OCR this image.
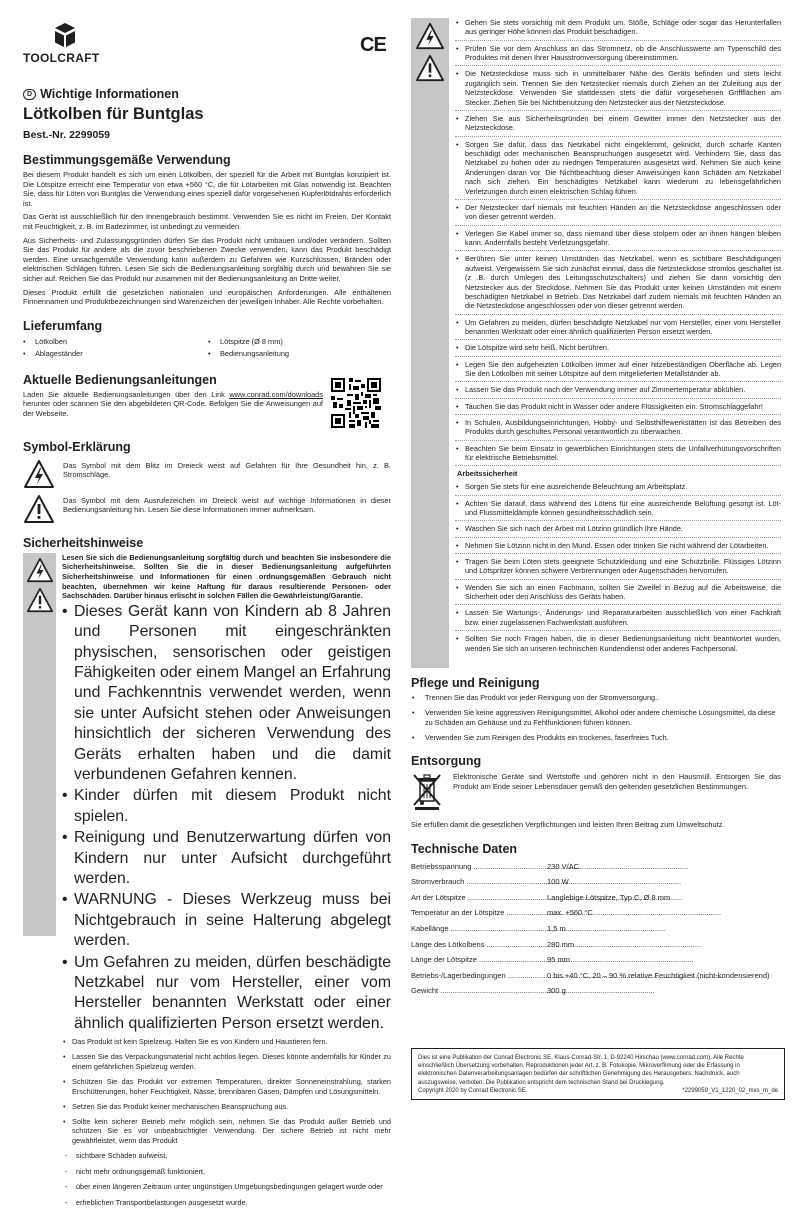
TOOLCRAFT
D Wichtige Informationen
Lötkolben für Buntglas
Best.-Nr. 2299059
Bestimmungsgemäße Verwendung

Bei diesem Produkt handelt es sich um einen Lötkolben, der speziell für die Arbeit mit Buntglas konzipiert ist. Die Lötspitze erreicht eine Temperatur von etwa +560 °C, die für Lötarbeiten mit Glas notwendig ist. Beachten Sie, dass für Löten von Buntglas die Verwendung eines speziell dafür vorgesehenen Kupferlötdrahts erforderlich ist.

Das Gerät ist ausschließlich für den Innengebrauch bestimmt. Verwenden Sie es nicht im Freien. Der Kontakt mit Feuchtigkeit, z. B. im Badezimmer, ist unbedingt zu vermeiden.

Aus Sicherheits- und Zulassungsgründen dürfen Sie das Produkt nicht umbauen und/oder verändern. Sollten Sie das Produkt für andere als die zuvor beschriebenen Zwecke verwenden, kann das Produkt beschädigt werden. Eine unsachgemäße Verwendung kann außerdem zu Gefahren wie Kurzschlüssen, Bränden oder elektrischen Schlägen führen. Lesen Sie sich die Bedienungsanleitung sorgfältig durch und bewahren Sie sie sicher auf. Reichen Sie das Produkt nur zusammen mit der Bedienungsanleitung an Dritte weiter.

Dieses Produkt erfüllt die gesetzlichen nationalen und europäischen Anforderungen. Alle enthaltenen Firmennamen und Produktbezeichnungen sind Warenzeichen der jeweiligen Inhaber. Alle Rechte vorbehalten.

Lieferumfang
•	Lötkolben	•	Lötspitze (Ø 8 mm)
•	Ablageständer	•	Bedienungsanleitung
Aktuelle Bedienungsanleitungen

Laden Sie aktuelle Bedienungsanleitungen über den Link www.conrad.com/downloads herunter oder scannen Sie den abgebildeten QR-Code. Befolgen Sie die Anweisungen auf der Webseite.

Symbol-Erklärung

Das Symbol mit dem Blitz im Dreieck weist auf Gefahren für Ihre Gesundheit hin, z. B. Stromschläge.

Das Symbol mit dem Ausrufezeichen im Dreieck weist auf wichtige Informationen in dieser Bedienungsanleitung hin. Lesen Sie diese Informationen immer aufmerksam.

Sicherheitshinweise

Lesen Sie sich die Bedienungsanleitung sorgfältig durch und beachten Sie insbesondere die Sicherheitshinweise. Sollten Sie die in dieser Bedienungsanleitung aufgeführten Sicherheitshinweise und Informationen für einen ordnungsgemäßen Gebrauch nicht beachten, übernehmen wir keine Haftung für daraus resultierende Personen- oder Sachschäden. Darüber hinaus erlischt in solchen Fällen die Gewährleistung/Garantie.

• Dieses Gerät kann von Kindern ab 8 Jahren und Personen mit eingeschränkten physischen, sensorischen oder geistigen Fähigkeiten oder einem Mangel an Erfahrung und Fachkenntnis verwendet werden, wenn sie unter Aufsicht stehen oder Anweisungen hinsichtlich der sicheren Verwendung des Geräts erhalten haben und die damit verbundenen Gefahren kennen.
• Kinder dürfen mit diesem Produkt nicht spielen.
• Reinigung und Benutzerwartung dürfen von Kindern nur unter Aufsicht durchgeführt werden.
• WARNUNG - Dieses Werkzeug muss bei Nichtgebrauch in seine Halterung abgelegt werden.
• Um Gefahren zu meiden, dürfen beschädigte Netzkabel nur vom Hersteller, einer vom Hersteller benannten Werkstatt oder einer ähnlich qualifizierten Person ersetzt werden.
• Das Produkt ist kein Spielzeug. Halten Sie es von Kindern und Haustieren fern.
• Lassen Sie das Verpackungsmaterial nicht achtlos liegen. Dieses könnte andernfalls für Kinder zu einem gefährlichen Spielzeug werden.
• Schützen Sie das Produkt vor extremen Temperaturen, direkter Sonneneinstrahlung, starken Erschütterungen, hoher Feuchtigkeit, Nässe, brennbaren Gasen, Dämpfen und Lösungsmitteln.
• Setzen Sie das Produkt keiner mechanischen Beanspruchung aus.
• Sollte kein sicherer Betrieb mehr möglich sein, nehmen Sie das Produkt außer Betrieb und schützen Sie es vor unbeabsichtigter Verwendung. Der sichere Betrieb ist nicht mehr gewährleistet, wenn das Produkt
- sichtbare Schäden aufweist,
- nicht mehr ordnungsgemäß funktioniert,
- über einen längeren Zeitraum unter ungünstigen Umgebungsbedingungen gelagert wurde oder
- erheblichen Transportbelastungen ausgesetzt wurde.
CE
• Gehen Sie stets vorsichtig mit dem Produkt um. Stöße, Schläge oder sogar das Herunterfallen aus geringer Höhe können das Produkt beschädigen.
• Prüfen Sie vor dem Anschluss an das Stromnetz, ob die Anschlusswerte am Typenschild des Produktes mit denen Ihrer Hausstromversorgung übereinstimmen.
• Die Netzsteckdose muss sich in unmittelbarer Nähe des Geräts befinden und stets leicht zugänglich sein. Trennen Sie den Netzstecker niemals durch Ziehen an der Zuleitung aus der Netzsteckdose. Verwenden Sie stattdessen stets die dafür vorgesehenen Griffflächen am Stecker. Ziehen Sie bei Nichtbenutzung den Netzstecker aus der Netzsteckdose.
• Ziehen Sie aus Sicherheitsgründen bei einem Gewitter immer den Netzstecker aus der Netzsteckdose.
• Sorgen Sie dafür, dass das Netzkabel nicht eingeklemmt, geknickt, durch scharfe Kanten beschädigt oder mechanischen Beanspruchungen ausgesetzt wird. Verhindern Sie, dass das Netzkabel zu hohen oder zu niedrigen Temperaturen ausgesetzt wird. Nehmen Sie auch keine Änderungen daran vor. Die Nichtbeachtung dieser Anweisungen kann Schäden am Netzkabel nach sich ziehen. Ein beschädigtes Netzkabel kann wiederum zu lebensgefährlichen Verletzungen durch einen elektrischen Schlag führen.
• Der Netzstecker darf niemals mit feuchten Händen an die Netzsteckdose angeschlossen oder von dieser getrennt werden.
• Verlegen Sie Kabel immer so, dass niemand über diese stolpern oder an ihnen hängen bleiben kann. Andernfalls besteht Verletzungsgefahr.
• Berühren Sie unter keinen Umständen das Netzkabel, wenn es sichtbare Beschädigungen aufweist. Vergewissern Sie sich zunächst einmal, dass die Netzsteckdose stromlos geschaltet ist (z .B. durch Umlegen des Leitungsschutzschalters) und ziehen Sie dann vorsichtig den Netzstecker aus der Steckdose. Nehmen Sie das Produkt unter keinen Umständen mit einem beschädigten Netzkabel in Betrieb. Das Netzkabel darf zudem niemals mit feuchten Händen an die Netzsteckdose angeschlossen oder von dieser getrennt werden.
• Um Gefahren zu meiden, dürfen beschädigte Netzkabel nur vom Hersteller, einer vom Hersteller benannten Werkstatt oder einer ähnlich qualifizierten Person ersetzt werden.
• Die Lötspitze wird sehr heiß. Nicht berühren.
• Legen Sie den aufgeheizten Lötkolben immer auf einer hitzebeständigen Oberfläche ab. Legen Sie den Lötkolben mit seiner Lötspitze auf dem mitgelieferten Metallständer ab.
• Lassen Sie das Produkt nach der Verwendung immer auf Zimmertemperatur abkühlen.
• Tauchen Sie das Produkt nicht in Wasser oder andere Flüssigkeiten ein. Stromschlaggefahr!
• In Schulen, Ausbildungseinrichtungen, Hobby- und Selbsthilfewerkstätten ist das Betreiben des Produkts durch geschultes Personal verantwortlich zu überwachen.
• Beachten Sie beim Einsatz in gewerblichen Einrichtungen stets die Unfallverhütungsvorschriften für elektrische Betriebsmittel.
Arbeitssicherheit
• Sorgen Sie stets für eine ausreichende Beleuchtung am Arbeitsplatz.
• Achten Sie darauf, dass während des Lötens für eine ausreichende Belüftung gesorgt ist. Löt- und Flussmitteldämpfe können gesundheitsschädlich sein.
• Waschen Sie sich nach der Arbeit mit Lötzinn gründlich Ihre Hände.
• Nehmen Sie Lötzinn nicht in den Mund. Essen oder trinken Sie nicht während der Lötarbeiten.
• Tragen Sie beim Löten stets geeignete Schutzkleidung und eine Schutzbrille. Flüssiges Lötzinn und Lötspritzer können schwere Verbrennungen oder Augenschäden hervorrufen.
• Wenden Sie sich an einen Fachmann, sollten Sie Zweifel in Bezug auf die Arbeitsweise, die Sicherheit oder den Anschluss des Geräts haben.
• Lassen Sie Wartungs-, Änderungs- und Reparaturarbeiten ausschließlich von einer Fachkraft bzw. einer zugelassenen Fachwerkstatt ausführen.
• Sollten Sie noch Fragen haben, die in dieser Bedienungsanleitung nicht beantwortet wurden, wenden Sie sich an unseren technischen Kundendienst oder anderes Fachpersonal.
Pflege und Reinigung
• Trennen Sie das Produkt vor jeder Reinigung von der Stromversorgung..
• Verwenden Sie keine aggressiven Reinigungsmittel, Alkohol oder andere chemische Lösungsmittel, da diese zu Schäden am Gehäuse und zu Fehlfunktionen führen können.
• Verwenden Sie zum Reinigen des Produkts ein trockenes, faserfreies Tuch.
Entsorgung

Elektronische Geräte sind Wertstoffe und gehören nicht in den Hausmüll. Entsorgen Sie das Produkt am Ende seiner Lebensdauer gemäß den geltenden gesetzlichen Bestimmungen.

Sie erfüllen damit die gesetzlichen Verpflichtungen und leisten Ihren Beitrag zum Umweltschutz.

Technische Daten
Betriebsspannung .....	230 V/AC
Stromverbrauch .....	100 W
Art der Lötspitze .....	Langlebige Lötspitze, Typ C, Ø 8 mm
Temperatur an der Lötspitze .....	max. +560 °C
Kabellänge .....	1,5 m
Länge des Lötkolbens .....	280 mm
Länge der Lötspitze .....	95 mm
Betriebs-/Lagerbedingungen .....	0 bis +40 °C, 20 – 90 % relative Feuchtigkeit (nicht-kondensierend)
Gewicht .....	300 g

Dies ist eine Publikation der Conrad Electronic SE, Klaus-Conrad-Str. 1, D-92240 Hirschau (www.conrad.com). Alle Rechte einschließlich Übersetzung vorbehalten. Reproduktionen jeder Art, z. B. Fotokopie, Mikroverfilmung oder die Erfassung in elektronischen Datenverarbeitungsanlagen bedürfen der schriftlichen Genehmigung des Herausgebers. Nachdruck, auch auszugsweise, verboten. Die Publikation entspricht dem technischen Stand bei Drucklegung.

Copyright 2020 by Conrad Electronic SE.	*2299059_V1_1220_02_mxs_m_de
